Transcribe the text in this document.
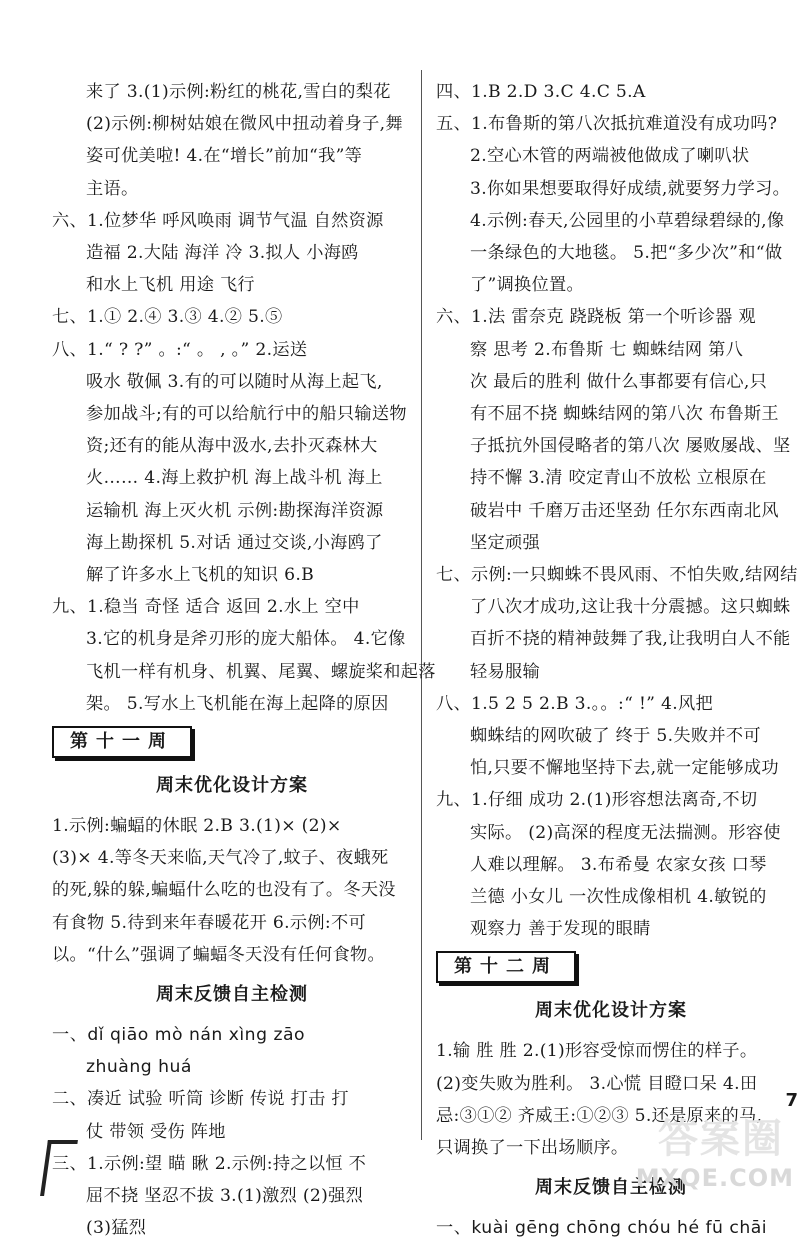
来了 3.(1)示例:粉红的桃花,雪白的梨花
(2)示例:柳树姑娘在微风中扭动着身子,舞
姿可优美啦! 4.在“增长”前加“我”等
主语。
六、1.位梦华 呼风唤雨 调节气温 自然资源
造福 2.大陆 海洋 冷 3.拟人 小海鸥
和水上飞机 用途 飞行
七、1.① 2.④ 3.③ 4.② 5.⑤
八、1.“ ? ?” 。:“ 。 , 。” 2.运送
吸水 敬佩 3.有的可以随时从海上起飞,
参加战斗;有的可以给航行中的船只输送物
资;还有的能从海中汲水,去扑灭森林大
火…… 4.海上救护机 海上战斗机 海上
运输机 海上灭火机 示例:勘探海洋资源
海上勘探机 5.对话 通过交谈,小海鸥了
解了许多水上飞机的知识 6.B
九、1.稳当 奇怪 适合 返回 2.水上 空中
3.它的机身是斧刃形的庞大船体。 4.它像
飞机一样有机身、机翼、尾翼、螺旋桨和起落
架。 5.写水上飞机能在海上起降的原因
第十一周
周末优化设计方案
1.示例:蝙蝠的休眠 2.B 3.(1)× (2)×
(3)× 4.等冬天来临,天气冷了,蚊子、夜蛾死
的死,躲的躲,蝙蝠什么吃的也没有了。冬天没
有食物 5.待到来年春暖花开 6.示例:不可
以。“什么”强调了蝙蝠冬天没有任何食物。
周末反馈自主检测
一、dǐ qiāo mò nán xìng zāo
zhuàng huá
二、凑近 试验 听筒 诊断 传说 打击 打
仗 带领 受伤 阵地
三、1.示例:望 瞄 瞅 2.示例:持之以恒 不
屈不挠 坚忍不拔 3.(1)激烈 (2)强烈
(3)猛烈
四、1.B 2.D 3.C 4.C 5.A
五、1.布鲁斯的第八次抵抗难道没有成功吗?
2.空心木管的两端被他做成了喇叭状
3.你如果想要取得好成绩,就要努力学习。
4.示例:春天,公园里的小草碧绿碧绿的,像
一条绿色的大地毯。 5.把“多少次”和“做
了”调换位置。
六、1.法 雷奈克 跷跷板 第一个听诊器 观
察 思考 2.布鲁斯 七 蜘蛛结网 第八
次 最后的胜利 做什么事都要有信心,只
有不屈不挠 蜘蛛结网的第八次 布鲁斯王
子抵抗外国侵略者的第八次 屡败屡战、坚
持不懈 3.清 咬定青山不放松 立根原在
破岩中 千磨万击还坚劲 任尔东西南北风
坚定顽强
七、示例:一只蜘蛛不畏风雨、不怕失败,结网结
了八次才成功,这让我十分震撼。这只蜘蛛
百折不挠的精神鼓舞了我,让我明白人不能
轻易服输
八、1.5 2 5 2.B 3.。。:“ !” 4.风把
蜘蛛结的网吹破了 终于 5.失败并不可
怕,只要不懈地坚持下去,就一定能够成功
九、1.仔细 成功 2.(1)形容想法离奇,不切
实际。 (2)高深的程度无法揣测。形容使
人难以理解。 3.布希曼 农家女孩 口琴
兰德 小女儿 一次性成像相机 4.敏锐的
观察力 善于发现的眼睛
第十二周
周末优化设计方案
1.输 胜 胜 2.(1)形容受惊而愣住的样子。
(2)变失败为胜利。 3.心慌 目瞪口呆 4.田
忌:③①② 齐威王:①②③ 5.还是原来的马,
只调换了一下出场顺序。
周末反馈自主检测
一、kuài gēng chōng chóu hé fū chāi
7
答案圈
MXQE.COM
